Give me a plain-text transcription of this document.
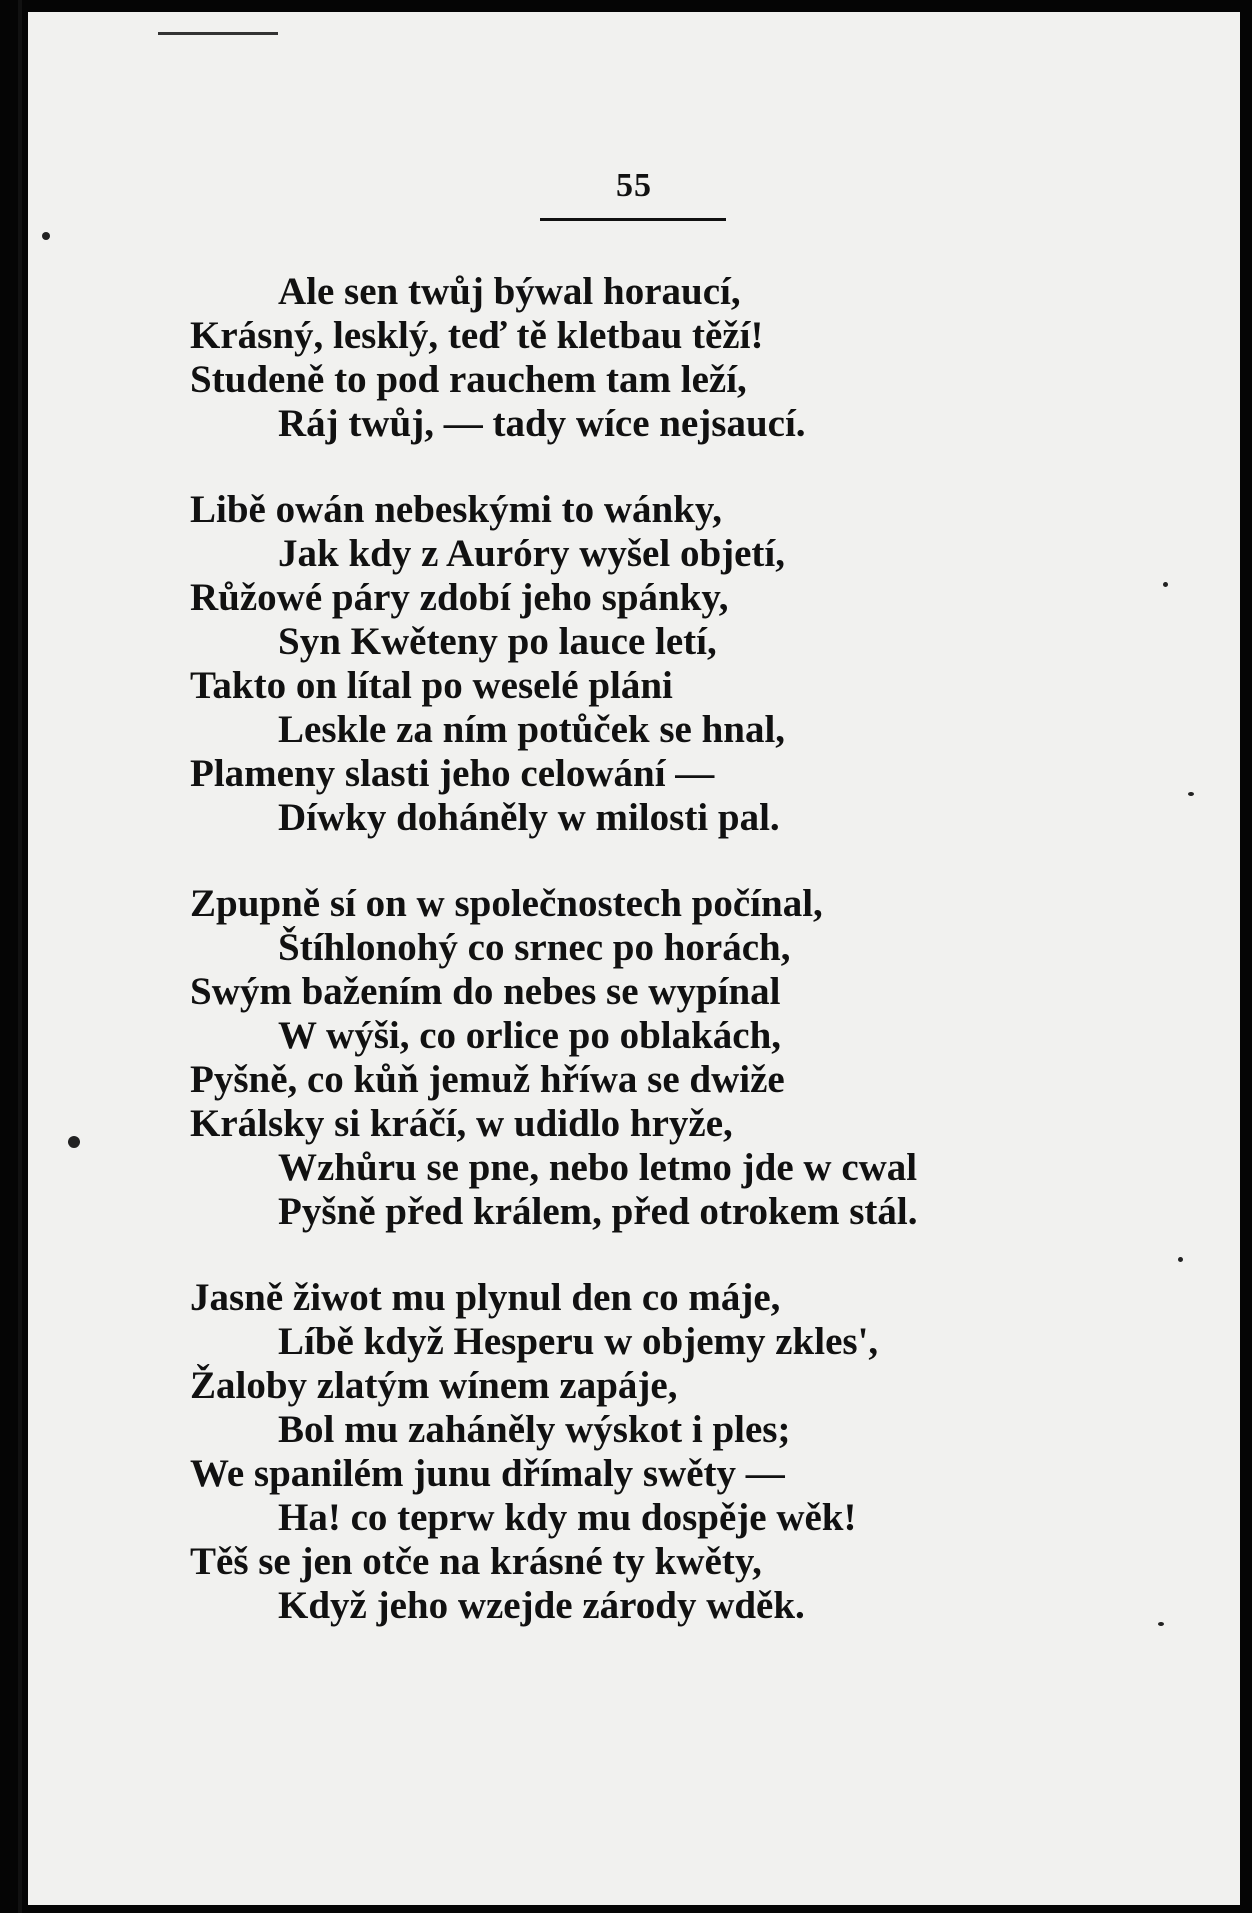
55
Ale sen twůj býwal horaucí,
Krásný, lesklý, teď tě kletbau těží!
Studeně to pod rauchem tam leží,
Ráj twůj, — tady wíce nejsaucí.
Libě owán nebeskými to wánky,
Jak kdy z Auróry wyšel objetí,
Růžowé páry zdobí jeho spánky,
Syn Kwěteny po lauce letí,
Takto on lítal po weselé pláni
Leskle za ním potůček se hnal,
Plameny slasti jeho celowání —
Díwky doháněly w milosti pal.
Zpupně sí on w společnostech počínal,
Štíhlonohý co srnec po horách,
Swým bažením do nebes se wypínal
W wýši, co orlice po oblakách,
Pyšně, co kůň jemuž hříwa se dwiže
Králsky si kráčí, w udidlo hryže,
Wzhůru se pne, nebo letmo jde w cwal
Pyšně před králem, před otrokem stál.
Jasně žiwot mu plynul den co máje,
Líbě když Hesperu w objemy zkles',
Žaloby zlatým wínem zapáje,
Bol mu zaháněly wýskot i ples;
We spanilém junu dřímaly swěty —
Ha! co teprw kdy mu dospěje wěk!
Těš se jen otče na krásné ty kwěty,
Když jeho wzejde zárody wděk.
